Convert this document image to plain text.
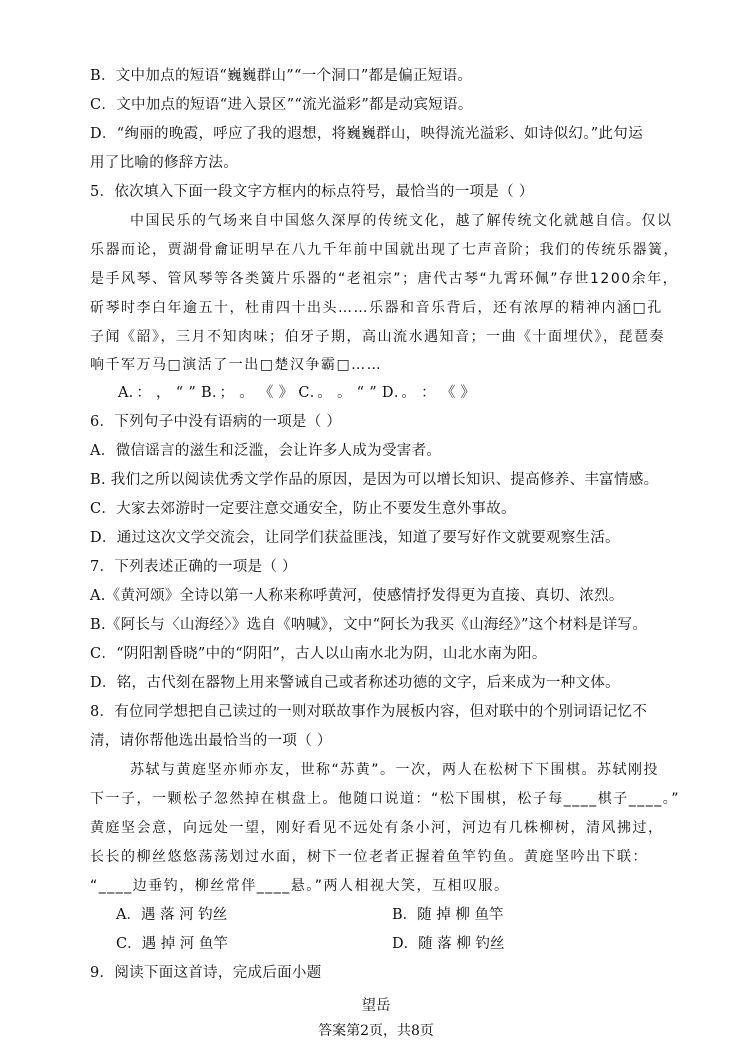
B．文中加点的短语“巍巍群山”“一个洞口”都是偏正短语。
C．文中加点的短语“进入景区”“流光溢彩”都是动宾短语。
D．“绚丽的晚霞，呼应了我的遐想，将巍巍群山，映得流光溢彩、如诗似幻。”此句运
用了比喻的修辞方法。
5．依次填入下面一段文字方框内的标点符号，最恰当的一项是（ ）
中国民乐的气场来自中国悠久深厚的传统文化，越了解传统文化就越自信。仅以
乐器而论，贾湖骨龠证明早在八九千年前中国就出现了七声音阶；我们的传统乐器簧，
是手风琴、管风琴等各类簧片乐器的“老祖宗”；唐代古琴“九霄环佩”存世1200余年，
斫琴时李白年逾五十，杜甫四十出头……乐器和音乐背后，还有浓厚的精神内涵□孔
子闻《韶》，三月不知肉味；伯牙子期，高山流水遇知音；一曲《十面埋伏》，琵琶奏
响千军万马□演活了一出□楚汉争霸□……
A．： ， “ ” B．； 。 《 》 C．。 。 “ ” D．。 ： 《 》
6．下列句子中没有语病的一项是（ ）
A．微信谣言的滋生和泛滥，会让许多人成为受害者。
B. 我们之所以阅读优秀文学作品的原因，是因为可以增长知识、提高修养、丰富情感。
C．大家去郊游时一定要注意交通安全，防止不要发生意外事故。
D．通过这次文学交流会，让同学们获益匪浅，知道了要写好作文就要观察生活。
7．下列表述正确的一项是（ ）
A.《黄河颂》全诗以第一人称来称呼黄河，使感情抒发得更为直接、真切、浓烈。
B.《阿长与〈山海经〉》选自《呐喊》，文中“阿长为我买《山海经》”这个材料是详写。
C．“阴阳割昏晓”中的“阴阳”，古人以山南水北为阴，山北水南为阳。
D．铭，古代刻在器物上用来警诫自己或者称述功德的文字，后来成为一种文体。
8．有位同学想把自己读过的一则对联故事作为展板内容，但对联中的个别词语记忆不
清，请你帮他选出最恰当的一项（ ）
苏轼与黄庭坚亦师亦友，世称“苏黄”。一次，两人在松树下下围棋。苏轼刚投
下一子，一颗松子忽然掉在棋盘上。他随口说道：“松下围棋，松子每____棋子____。”
黄庭坚会意，向远处一望，刚好看见不远处有条小河，河边有几株柳树，清风拂过，
长长的柳丝悠悠荡荡划过水面，树下一位老者正握着鱼竿钓鱼。黄庭坚吟出下联：
“____边垂钓，柳丝常伴____悬。”两人相视大笑，互相叹服。
A．遇 落 河 钓丝	B．随 掉 柳 鱼竿
C．遇 掉 河 鱼竿	D．随 落 柳 钓丝
9．阅读下面这首诗，完成后面小题
望岳
答案第2页，共8页
